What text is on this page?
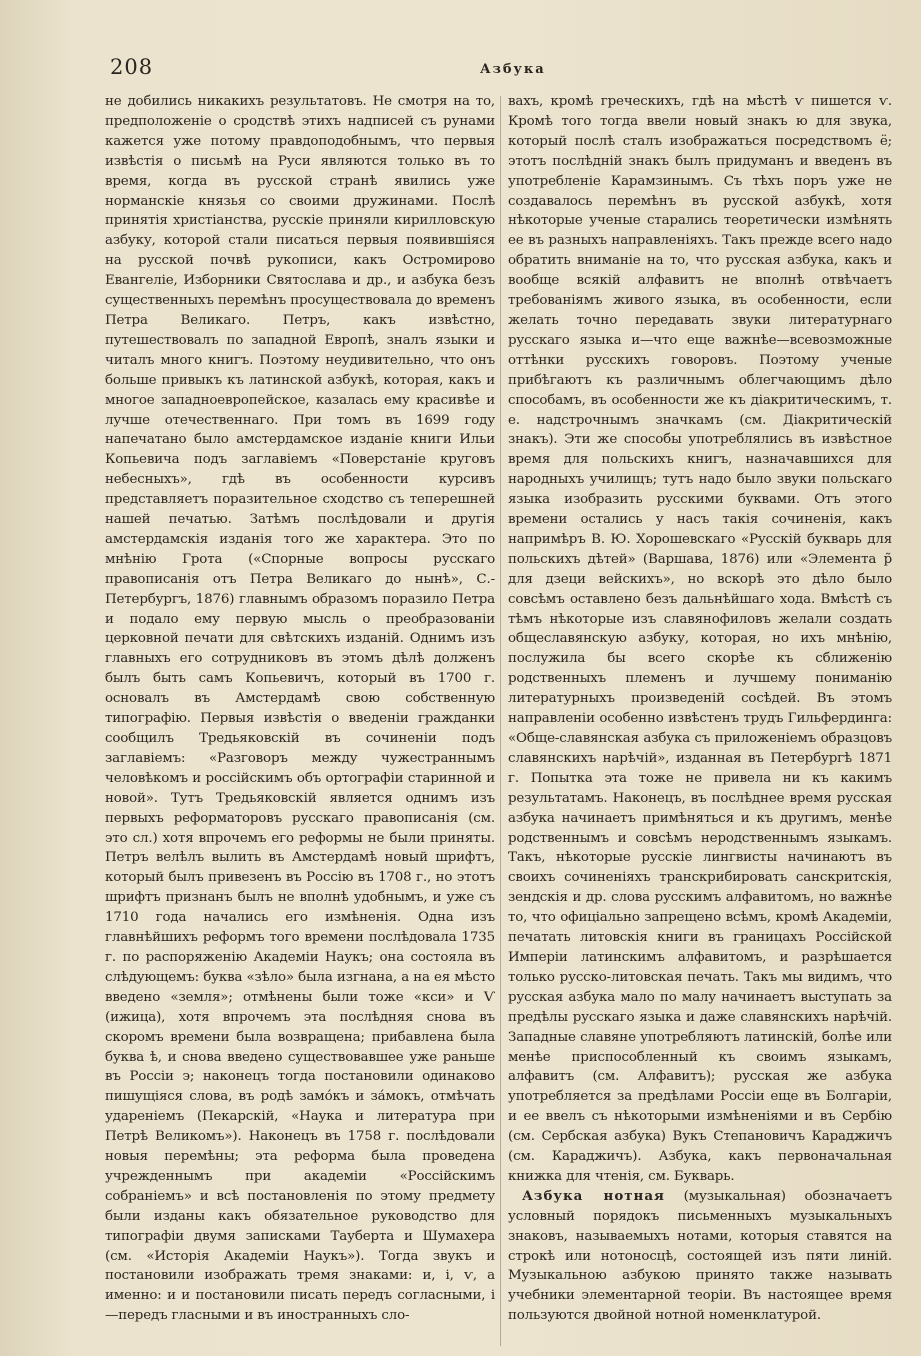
208	Азбука

не добились никакихъ результатовъ. Не смотря на то, предположеніе о сродствѣ этихъ надписей съ рунами кажется уже потому правдоподобнымъ, что первыя извѣстія о письмѣ на Руси являются только въ то время, когда въ русской странѣ явились уже норманскіе князья со своими дружинами. Послѣ принятія христіанства, русскіе приняли кирилловскую азбуку, которой стали писаться первыя появившіяся на русской почвѣ рукописи, какъ Остромирово Евангеліе, Изборники Святослава и др., и азбука безъ существенныхъ перемѣнъ просуществовала до временъ Петра Великаго. Петръ, какъ извѣстно, путешествовалъ по западной Европѣ, зналъ языки и читалъ много книгъ. Поэтому неудивительно, что онъ больше привыкъ къ латинской азбукѣ, которая, какъ и многое западноевропейское, казалась ему красивѣе и лучше отечественнаго. При томъ въ 1699 году напечатано было амстердамское изданіе книги Ильи Копьевича подъ заглавіемъ «Поверстаніе круговъ небесныхъ», гдѣ въ особенности курсивъ представляетъ поразительное сходство съ теперешней нашей печатью. Затѣмъ послѣдовали и другія амстердамскія изданія того же характера. Это по мнѣнію Грота («Спорные вопросы русскаго правописанія отъ Петра Великаго до нынѣ», С.-Петербургъ, 1876) главнымъ образомъ поразило Петра и подало ему первую мысль о преобразованіи церковной печати для свѣтскихъ изданій. Однимъ изъ главныхъ его сотрудниковъ въ этомъ дѣлѣ долженъ былъ быть самъ Копьевичъ, который въ 1700 г. основалъ въ Амстердамѣ свою собственную типографію. Первыя извѣстія о введеніи гражданки сообщилъ Тредьяковскій въ сочиненіи подъ заглавіемъ: «Разговоръ между чужестраннымъ человѣкомъ и россійскимъ объ ортографіи старинной и новой». Тутъ Тредьяковскій является однимъ изъ первыхъ реформаторовъ русскаго правописанія (см. это сл.) хотя впрочемъ его реформы не были приняты. Петръ велѣлъ вылить въ Амстердамѣ новый шрифтъ, который былъ привезенъ въ Россію въ 1708 г., но этотъ шрифтъ признанъ былъ не вполнѣ удобнымъ, и уже съ 1710 года начались его измѣненія. Одна изъ главнѣйшихъ реформъ того времени послѣдовала 1735 г. по распоряженію Академіи Наукъ; она состояла въ слѣдующемъ: буква «зѣло» была изгнана, а на ея мѣсто введено «земля»; отмѣнены были тоже «кси» и Ѵ (ижица), хотя впрочемъ эта послѣдняя снова въ скоромъ времени была возвращена; прибавлена была буква ѣ, и снова введено существовавшее уже раньше въ Россіи э; наконецъ тогда постановили одинаково пишущіяся слова, въ родѣ замо́къ и за́мокъ, отмѣчать удареніемъ (Пекарскій, «Наука и литература при Петрѣ Великомъ»). Наконецъ въ 1758 г. послѣдовали новыя перемѣны; эта реформа была проведена учрежденнымъ при академіи «Россійскимъ собраніемъ» и всѣ постановленія по этому предмету были изданы какъ обязательное руководство для типографіи двумя записками Тауберта и Шумахера (см. «Исторія Академіи Наукъ»). Тогда звукъ и постановили изображать тремя знаками: и, і, ѵ, а именно: и и постановили писать передъ согласными, і—передъ гласными и въ иностранныхъ сло-

вахъ, кромѣ греческихъ, гдѣ на мѣстѣ ѵ пишется ѵ. Кромѣ того тогда ввели новый знакъ ю для звука, который послѣ сталъ изображаться посредствомъ ё; этотъ послѣдній знакъ былъ придуманъ и введенъ въ употребленіе Карамзинымъ. Съ тѣхъ поръ уже не создавалось перемѣнъ въ русской азбукѣ, хотя нѣкоторые ученые старались теоретически измѣнять ее въ разныхъ направленіяхъ. Такъ прежде всего надо обратить вниманіе на то, что русская азбука, какъ и вообще всякій алфавитъ не вполнѣ отвѣчаетъ требованіямъ живого языка, въ особенности, если желать точно передавать звуки литературнаго русскаго языка и—что еще важнѣе—всевозможные оттѣнки русскихъ говоровъ. Поэтому ученые прибѣгаютъ къ различнымъ облегчающимъ дѣло способамъ, въ особенности же къ діакритическимъ, т. е. надстрочнымъ значкамъ (см. Діакритическій знакъ). Эти же способы употреблялись въ извѣстное время для польскихъ книгъ, назначавшихся для народныхъ училищъ; тутъ надо было звуки польскаго языка изобразить русскими буквами. Отъ этого времени остались у насъ такія сочиненія, какъ напримѣръ В. Ю. Хорошевскаго «Русскій букварь для польскихъ дѣтей» (Варшава, 1876) или «Элемента р̃ для дзеци вейскихъ», но вскорѣ это дѣло было совсѣмъ оставлено безъ дальнѣйшаго хода. Вмѣстѣ съ тѣмъ нѣкоторые изъ славянофиловъ желали создать общеславянскую азбуку, которая, но ихъ мнѣнію, послужила бы всего скорѣе къ сближенію родственныхъ племенъ и лучшему пониманію литературныхъ произведеній сосѣдей. Въ этомъ направленіи особенно извѣстенъ трудъ Гильфердинга: «Обще-славянская азбука съ приложеніемъ образцовъ славянскихъ нарѣчій», изданная въ Петербургѣ 1871 г. Попытка эта тоже не привела ни къ какимъ результатамъ. Наконецъ, въ послѣднее время русская азбука начинаетъ примѣняться и къ другимъ, менѣе родственнымъ и совсѣмъ неродственнымъ языкамъ. Такъ, нѣкоторые русскіе лингвисты начинаютъ въ своихъ сочиненіяхъ транскрибировать санскритскія, зендскія и др. слова русскимъ алфавитомъ, но важнѣе то, что офиціально запрещено всѣмъ, кромѣ Академіи, печатать литовскія книги въ границахъ Россійской Имперіи латинскимъ алфавитомъ, и разрѣшается только русско-литовская печать. Такъ мы видимъ, что русская азбука мало по малу начинаетъ выступать за предѣлы русскаго языка и даже славянскихъ нарѣчій. Западные славяне употребляютъ латинскій, болѣе или менѣе приспособленный къ своимъ языкамъ, алфавитъ (см. Алфавитъ); русская же азбука употребляется за предѣлами Россіи еще въ Болгаріи, и ее ввелъ съ нѣкоторыми измѣненіями и въ Сербію (см. Сербская азбука) Вукъ Степановичъ Караджичъ (см. Караджичъ). Азбука, какъ первоначальная книжка для чтенія, см. Букварь.

Азбука нотная (музыкальная) обозначаетъ условный порядокъ письменныхъ музыкальныхъ знаковъ, называемыхъ нотами, которыя ставятся на строкѣ или нотоносцѣ, состоящей изъ пяти линій. Музыкальною азбукою принято также называть учебники элементарной теоріи. Въ настоящее время пользуются двойной нотной номенклатурой.
